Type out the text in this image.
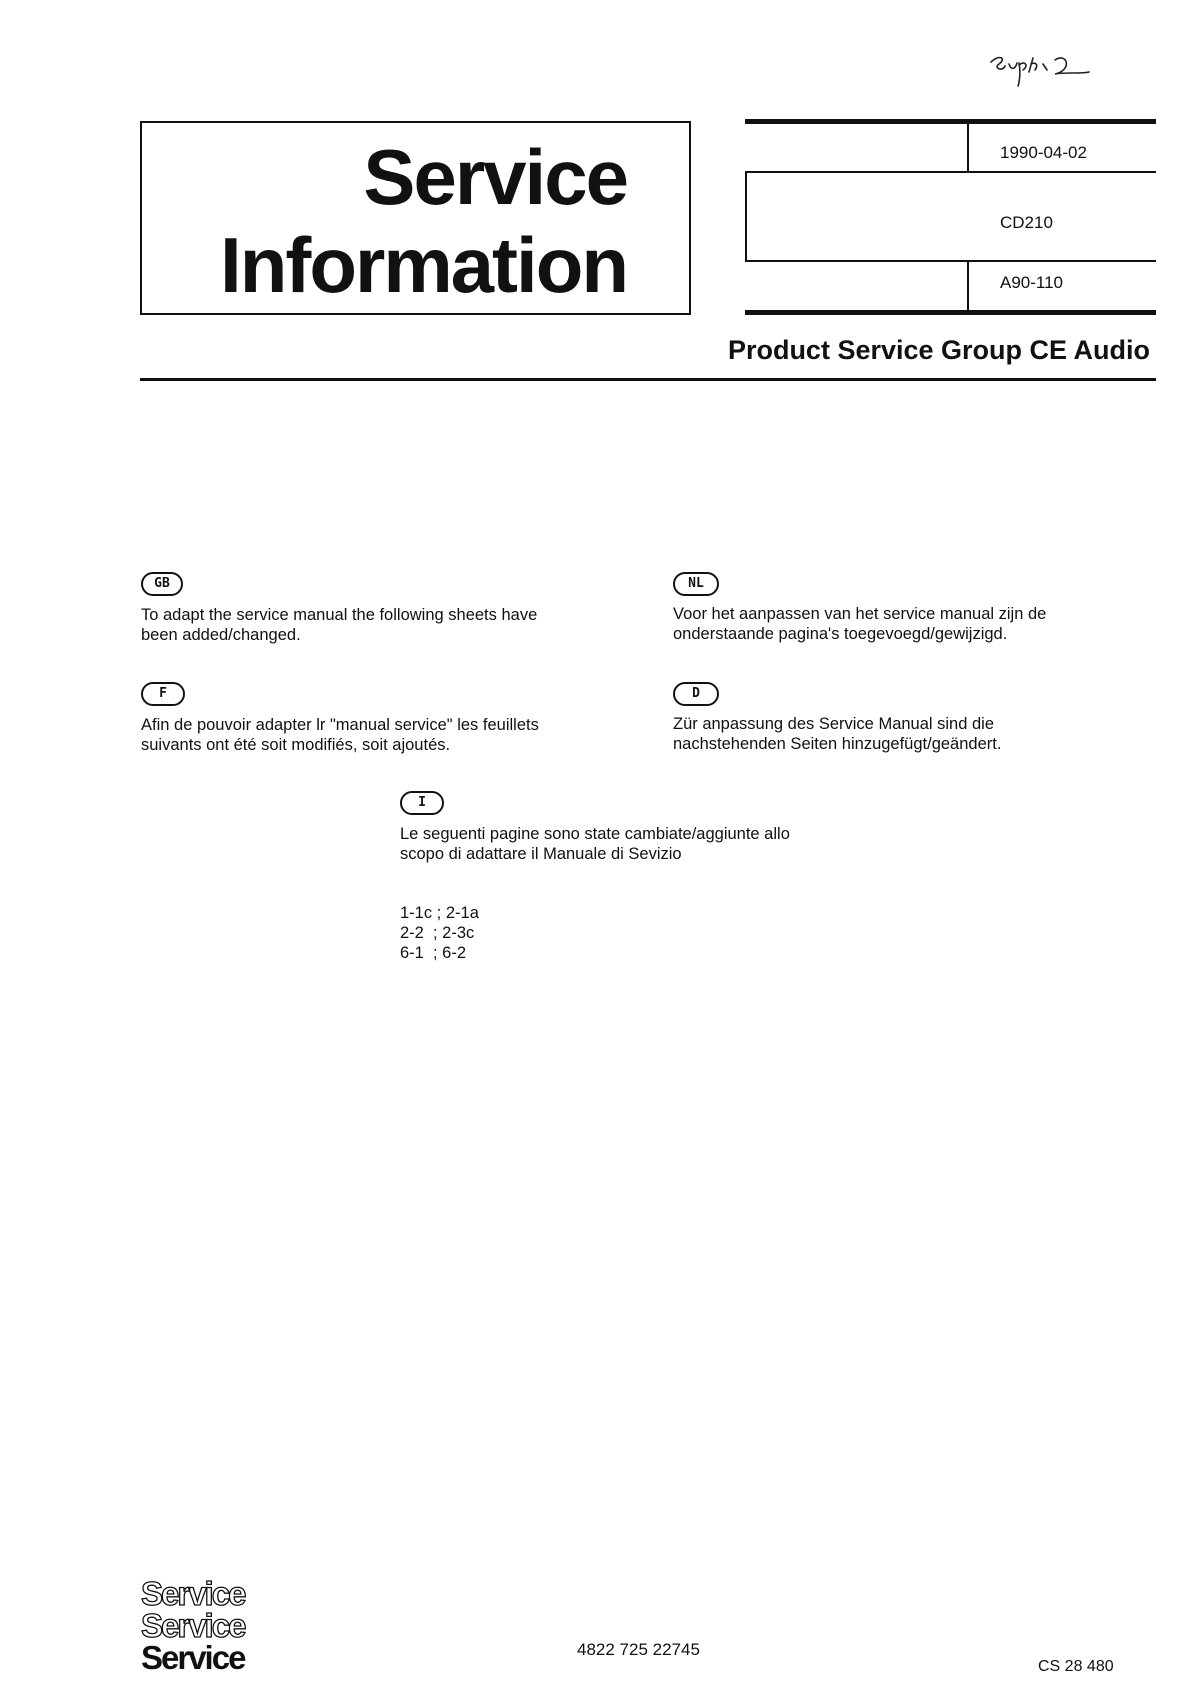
Service
Information
1990-04-02
CD210
A90-110
Product Service Group CE Audio
GB
To adapt the service manual the following sheets have
been added/changed.
NL
Voor het aanpassen van het service manual zijn de
onderstaande pagina's toegevoegd/gewijzigd.
F
Afin de pouvoir adapter lr "manual service" les feuillets
suivants ont été soit modifiés, soit ajoutés.
D
Zür anpassung des Service Manual sind die
nachstehenden Seiten hinzugefügt/geändert.
I
Le seguenti pagine sono state cambiate/aggiunte allo
scopo di adattare il Manuale di Sevizio
1-1c ; 2-1a
2-2  ; 2-3c
6-1  ; 6-2
Service
Service
Service	4822 725 22745
CS 28 480
